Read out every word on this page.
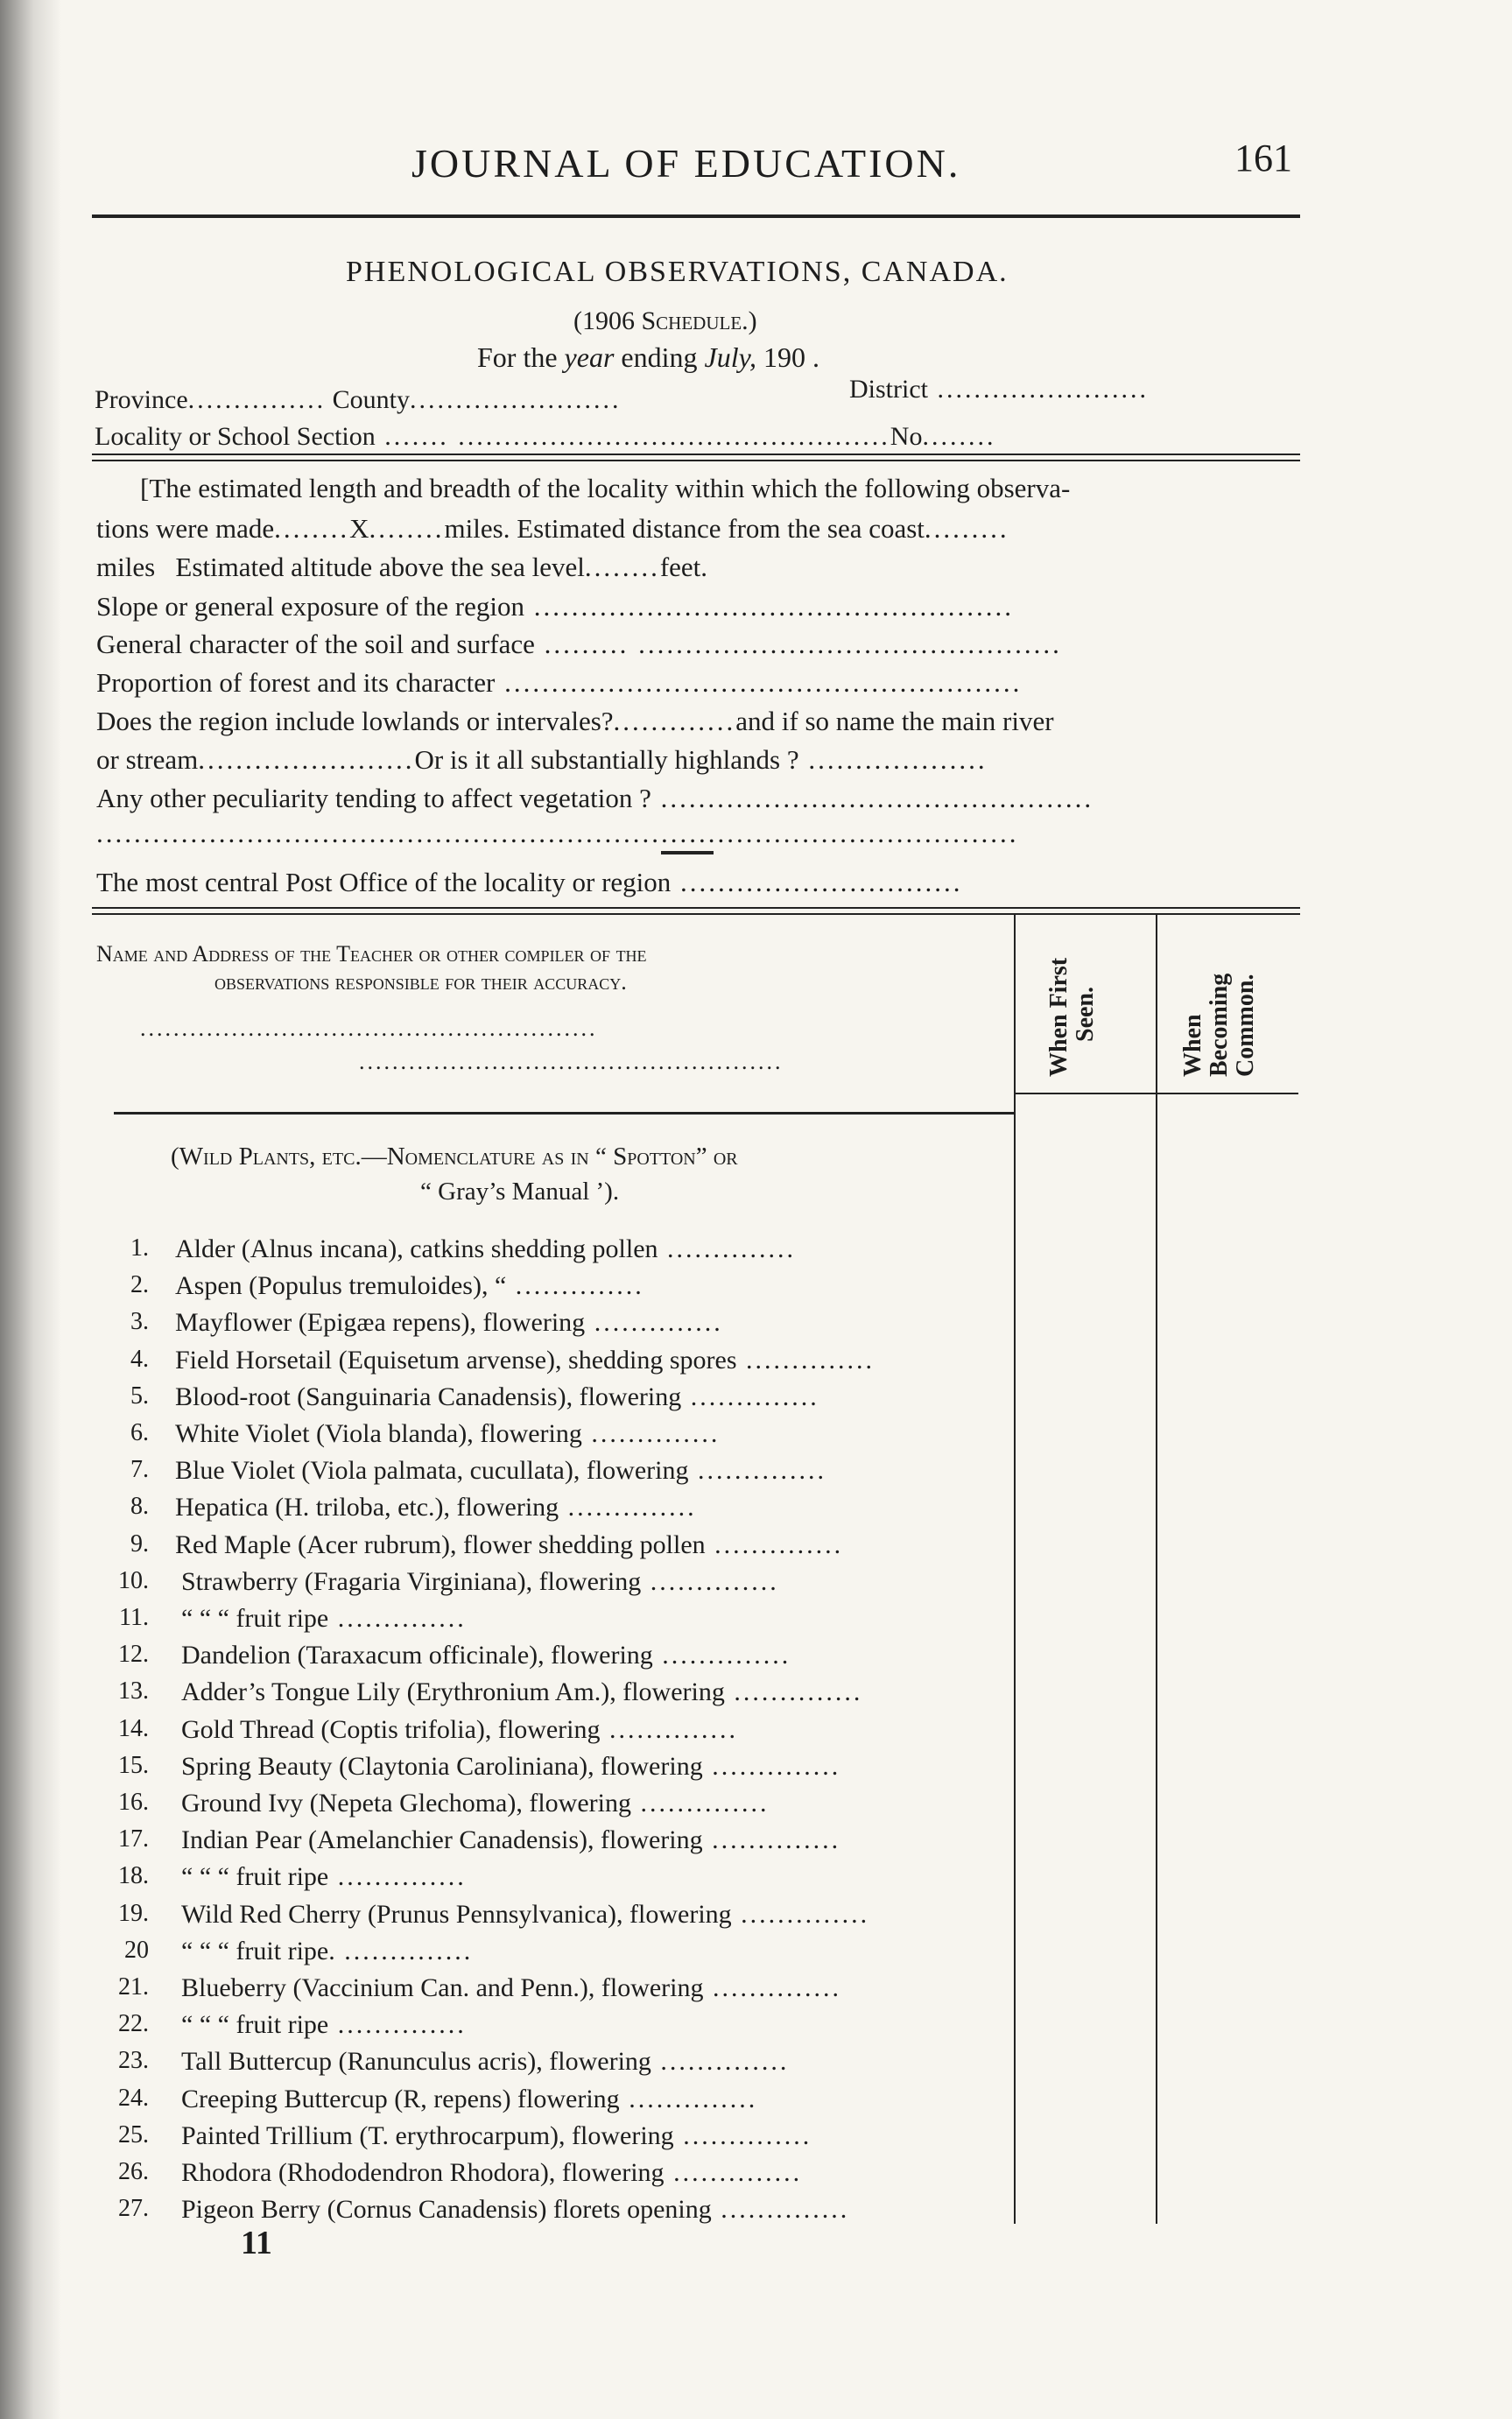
JOURNAL OF EDUCATION.	161
PHENOLOGICAL OBSERVATIONS, CANADA.
(1906 Schedule.)
For the year ending July, 190 .
Province............... County.......................	District .......................
Locality or School Section ....... ...............................................No........
[The estimated length and breadth of the locality within which the following observa-
tions were made........X........miles. Estimated distance from the sea coast.........
miles Estimated altitude above the sea level........feet.
Slope or general exposure of the region ...................................................
General character of the soil and surface ......... .............................................
Proportion of forest and its character .......................................................
Does the region include lowlands or intervales?.............and if so name the main river
or stream.......................Or is it all substantially highlands ? ...................
Any other peculiarity tending to affect vegetation ? ..............................................
..................................................................................................
The most central Post Office of the locality or region ..............................
Name and Address of the Teacher or other compiler of the
observations responsible for their accuracy.
.......................................................
...................................................	When First Seen.	When Becoming Common.
(Wild Plants, etc.—Nomenclature as in “ Spotton” or
“ Gray’s Manual ’).
1. Alder (Alnus incana), catkins shedding pollen ..............
2. Aspen (Populus tremuloides), “ ..............
3. Mayflower (Epigæa repens), flowering ..............
4. Field Horsetail (Equisetum arvense), shedding spores ..............
5. Blood-root (Sanguinaria Canadensis), flowering ..............
6. White Violet (Viola blanda), flowering ..............
7. Blue Violet (Viola palmata, cucullata), flowering ..............
8. Hepatica (H. triloba, etc.), flowering ..............
9. Red Maple (Acer rubrum), flower shedding pollen ..............
10. Strawberry (Fragaria Virginiana), flowering ..............
11. “ “ “ fruit ripe ..............
12. Dandelion (Taraxacum officinale), flowering ..............
13. Adder’s Tongue Lily (Erythronium Am.), flowering ..............
14. Gold Thread (Coptis trifolia), flowering ..............
15. Spring Beauty (Claytonia Caroliniana), flowering ..............
16. Ground Ivy (Nepeta Glechoma), flowering ..............
17. Indian Pear (Amelanchier Canadensis), flowering ..............
18. “ “ “ fruit ripe ..............
19. Wild Red Cherry (Prunus Pennsylvanica), flowering ..............
20 “ “ “ fruit ripe. ..............
21. Blueberry (Vaccinium Can. and Penn.), flowering ..............
22. “ “ “ fruit ripe ..............
23. Tall Buttercup (Ranunculus acris), flowering ..............
24. Creeping Buttercup (R, repens) flowering ..............
25. Painted Trillium (T. erythrocarpum), flowering ..............
26. Rhodora (Rhododendron Rhodora), flowering ..............
27. Pigeon Berry (Cornus Canadensis) florets opening ..............
11
